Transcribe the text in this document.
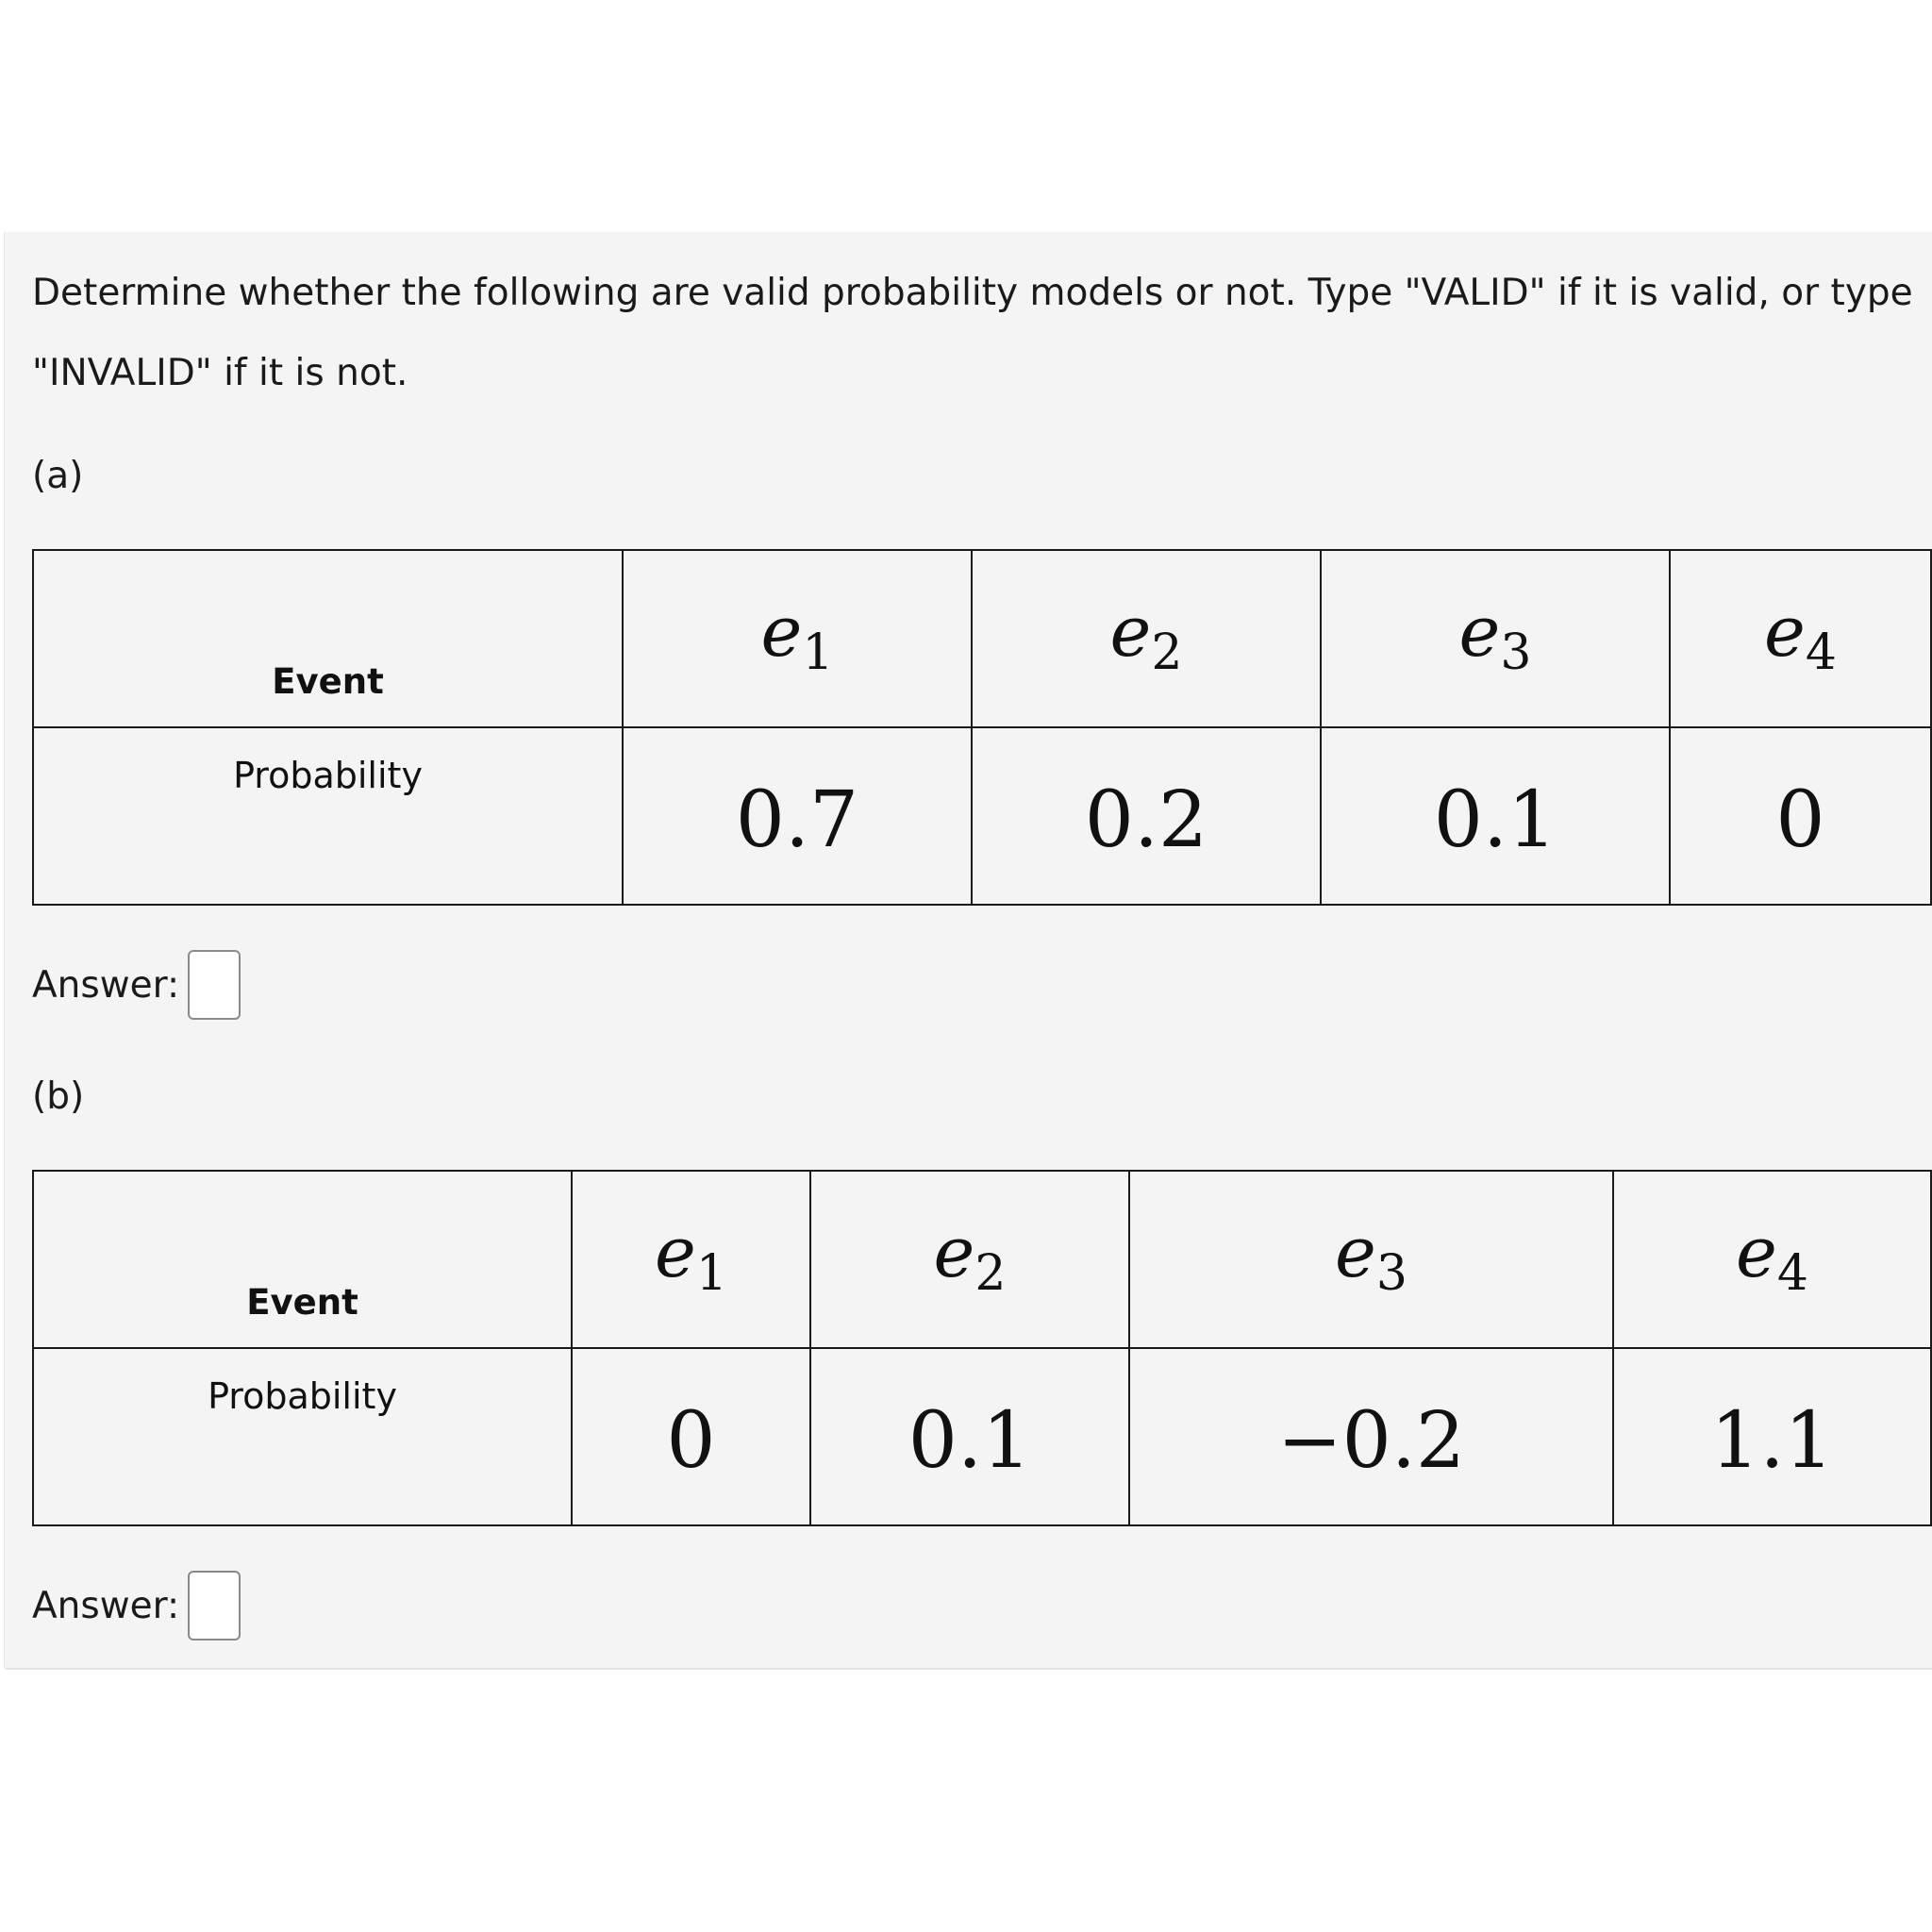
Determine whether the following are valid probability models or not. Type "VALID" if it is valid, or type "INVALID" if it is not.

(a)

Event	e1	e2	e3	e4
Probability	0.7	0.2	0.1	0
Answer:

(b)

Event	e1	e2	e3	e4
Probability	0	0.1	−0.2	1.1
Answer:
